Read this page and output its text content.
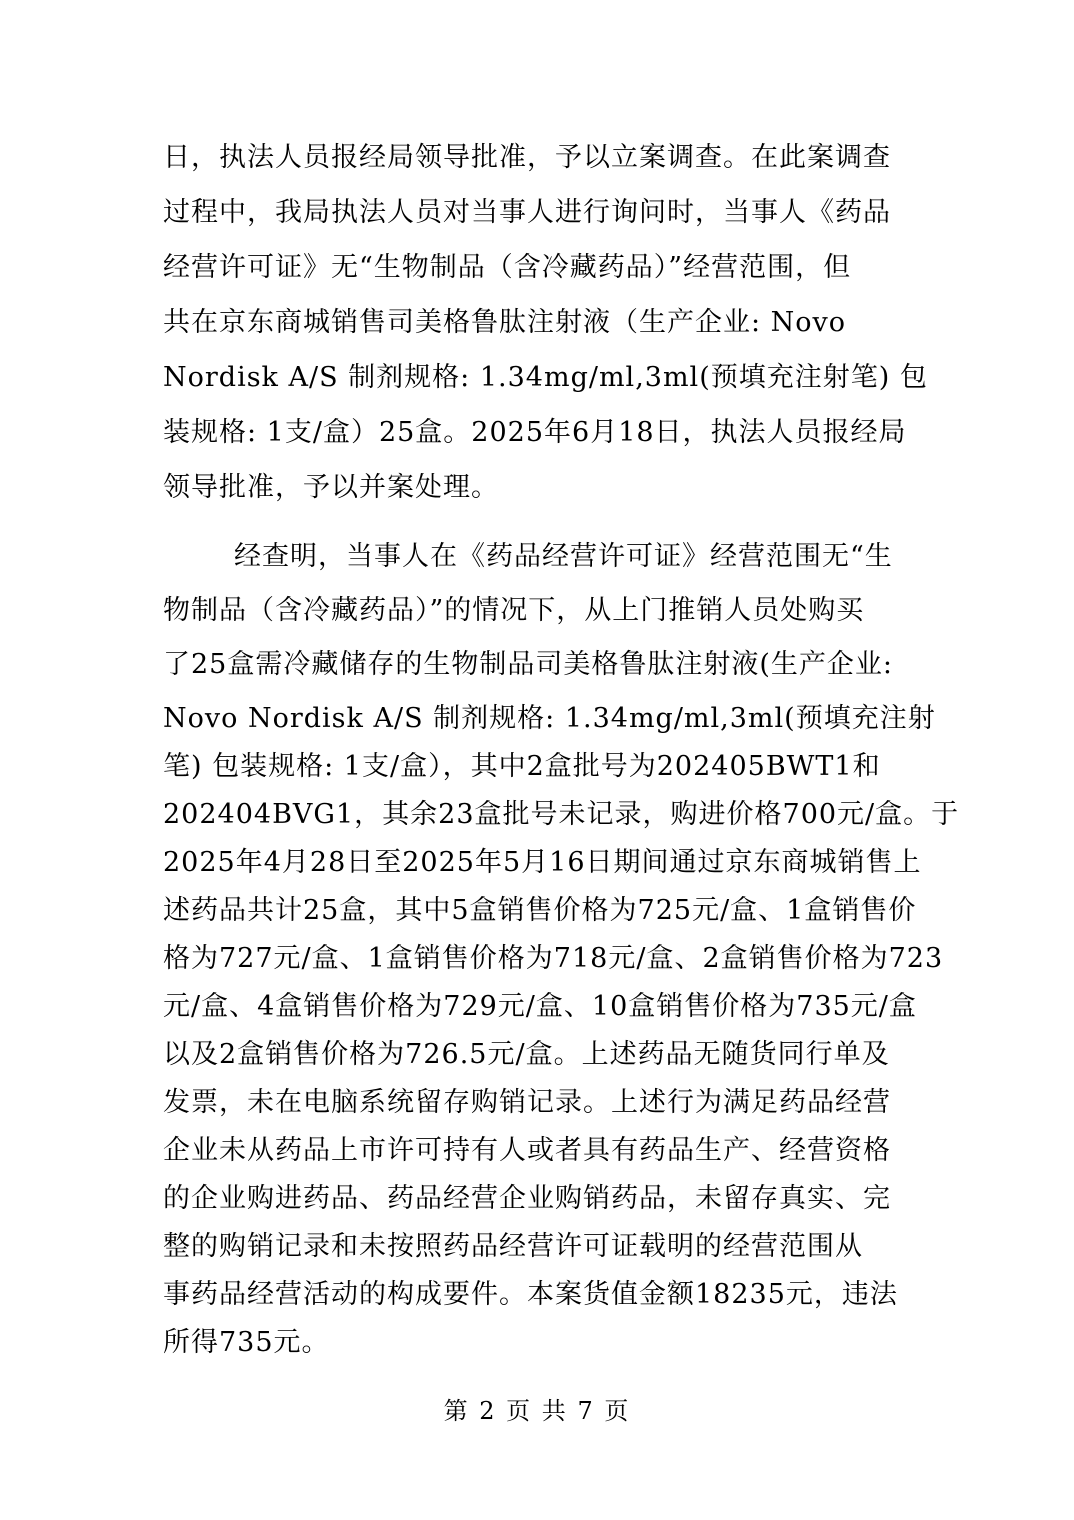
日，执法人员报经局领导批准，予以立案调查。在此案调查
过程中，我局执法人员对当事人进行询问时，当事人《药品
经营许可证》无“生物制品（含冷藏药品）”经营范围，但
共在京东商城销售司美格鲁肽注射液（生产企业: Novo
Nordisk A/S 制剂规格: 1.34mg/ml,3ml(预填充注射笔) 包
装规格: 1支/盒）25盒。2025年6月18日，执法人员报经局
领导批准，予以并案处理。
经查明，当事人在《药品经营许可证》经营范围无“生
物制品（含冷藏药品）”的情况下，从上门推销人员处购买
了25盒需冷藏储存的生物制品司美格鲁肽注射液(生产企业:
Novo Nordisk A/S 制剂规格: 1.34mg/ml,3ml(预填充注射
笔) 包装规格: 1支/盒），其中2盒批号为202405BWT1和
202404BVG1，其余23盒批号未记录，购进价格700元/盒。于
2025年4月28日至2025年5月16日期间通过京东商城销售上
述药品共计25盒，其中5盒销售价格为725元/盒、1盒销售价
格为727元/盒、1盒销售价格为718元/盒、2盒销售价格为723
元/盒、4盒销售价格为729元/盒、10盒销售价格为735元/盒
以及2盒销售价格为726.5元/盒。上述药品无随货同行单及
发票，未在电脑系统留存购销记录。上述行为满足药品经营
企业未从药品上市许可持有人或者具有药品生产、经营资格
的企业购进药品、药品经营企业购销药品，未留存真实、完
整的购销记录和未按照药品经营许可证载明的经营范围从
事药品经营活动的构成要件。本案货值金额18235元，违法
所得735元。
第 2 页 共 7 页
